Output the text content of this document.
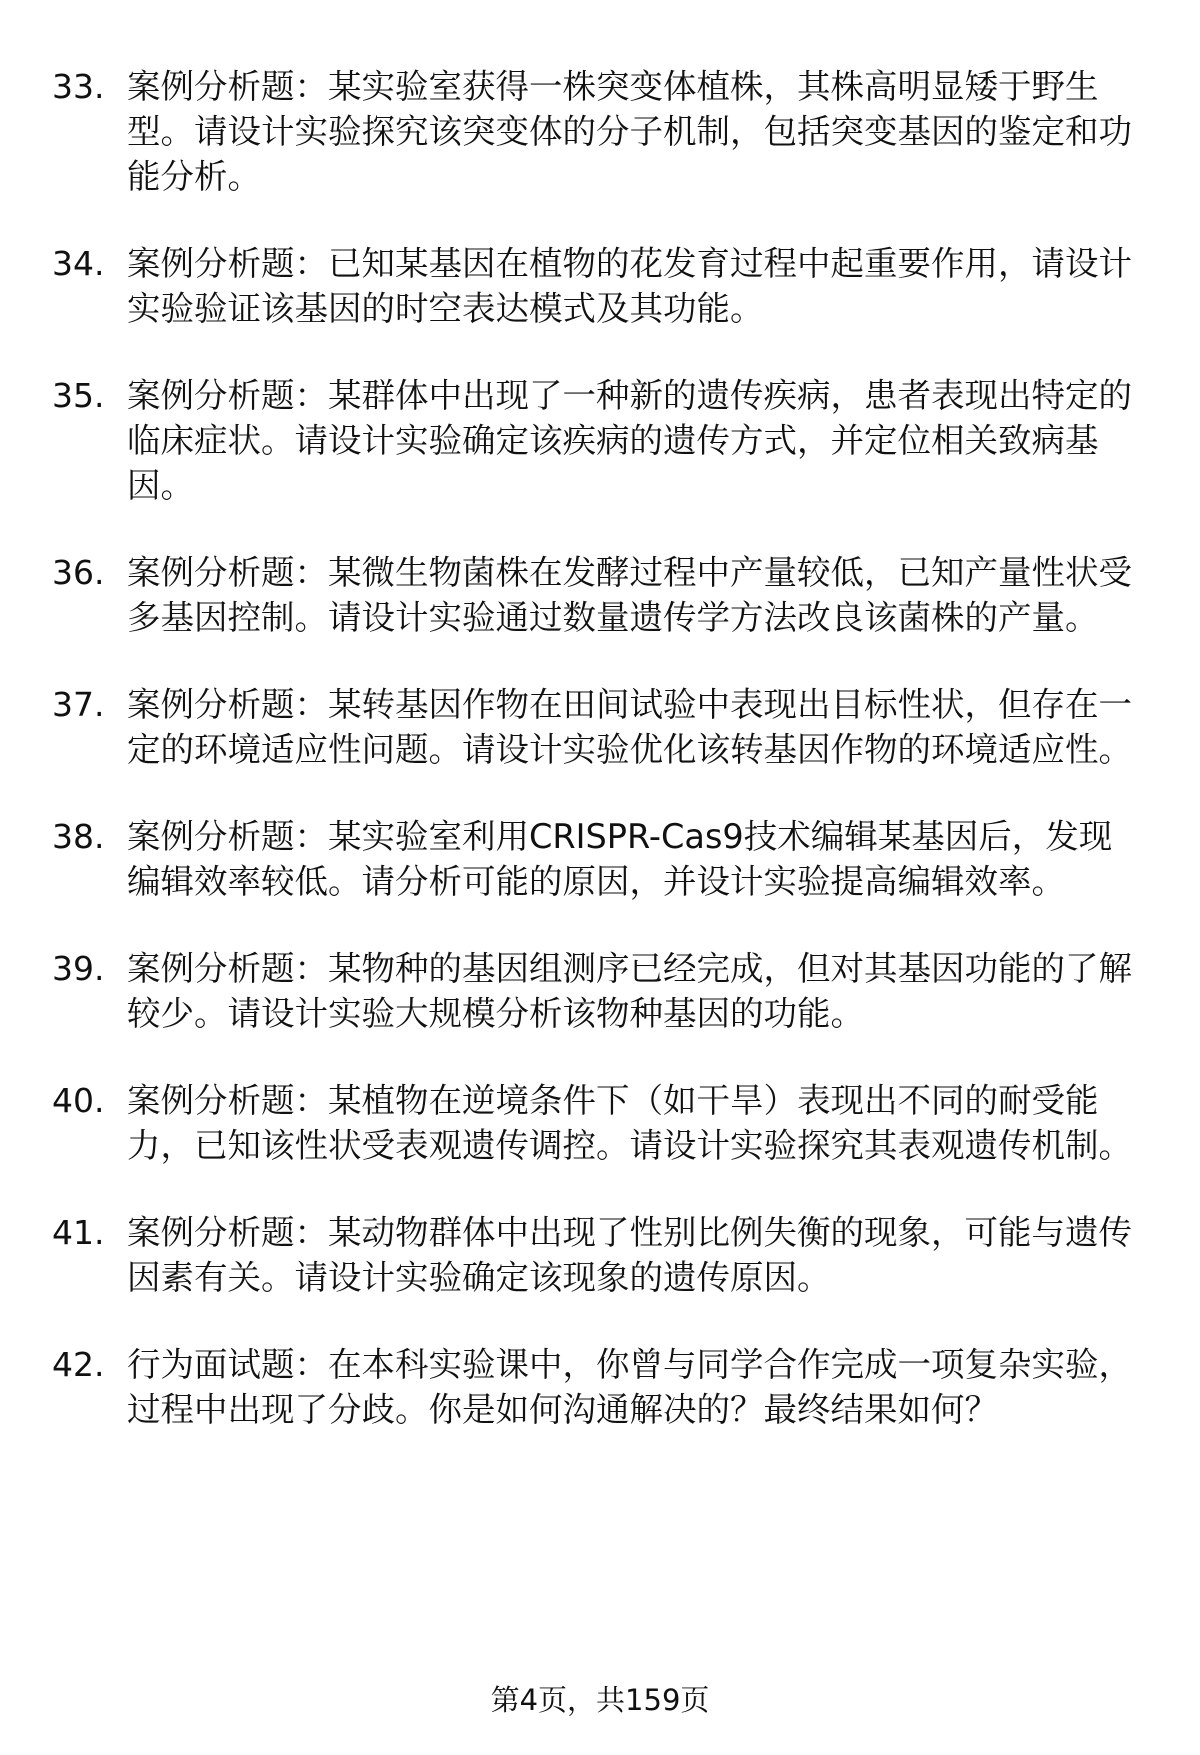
33. 案例分析题：某实验室获得一株突变体植株，其株高明显矮于野生型。请设计实验探究该突变体的分子机制，包括突变基因的鉴定和功能分析。
34. 案例分析题：已知某基因在植物的花发育过程中起重要作用，请设计实验验证该基因的时空表达模式及其功能。
35. 案例分析题：某群体中出现了一种新的遗传疾病，患者表现出特定的临床症状。请设计实验确定该疾病的遗传方式，并定位相关致病基因。
36. 案例分析题：某微生物菌株在发酵过程中产量较低，已知产量性状受多基因控制。请设计实验通过数量遗传学方法改良该菌株的产量。
37. 案例分析题：某转基因作物在田间试验中表现出目标性状，但存在一定的环境适应性问题。请设计实验优化该转基因作物的环境适应性。
38. 案例分析题：某实验室利用CRISPR-Cas9技术编辑某基因后，发现编辑效率较低。请分析可能的原因，并设计实验提高编辑效率。
39. 案例分析题：某物种的基因组测序已经完成，但对其基因功能的了解较少。请设计实验大规模分析该物种基因的功能。
40. 案例分析题：某植物在逆境条件下（如干旱）表现出不同的耐受能力，已知该性状受表观遗传调控。请设计实验探究其表观遗传机制。
41. 案例分析题：某动物群体中出现了性别比例失衡的现象，可能与遗传因素有关。请设计实验确定该现象的遗传原因。
42. 行为面试题：在本科实验课中，你曾与同学合作完成一项复杂实验，过程中出现了分歧。你是如何沟通解决的？最终结果如何？
第4页，共159页
